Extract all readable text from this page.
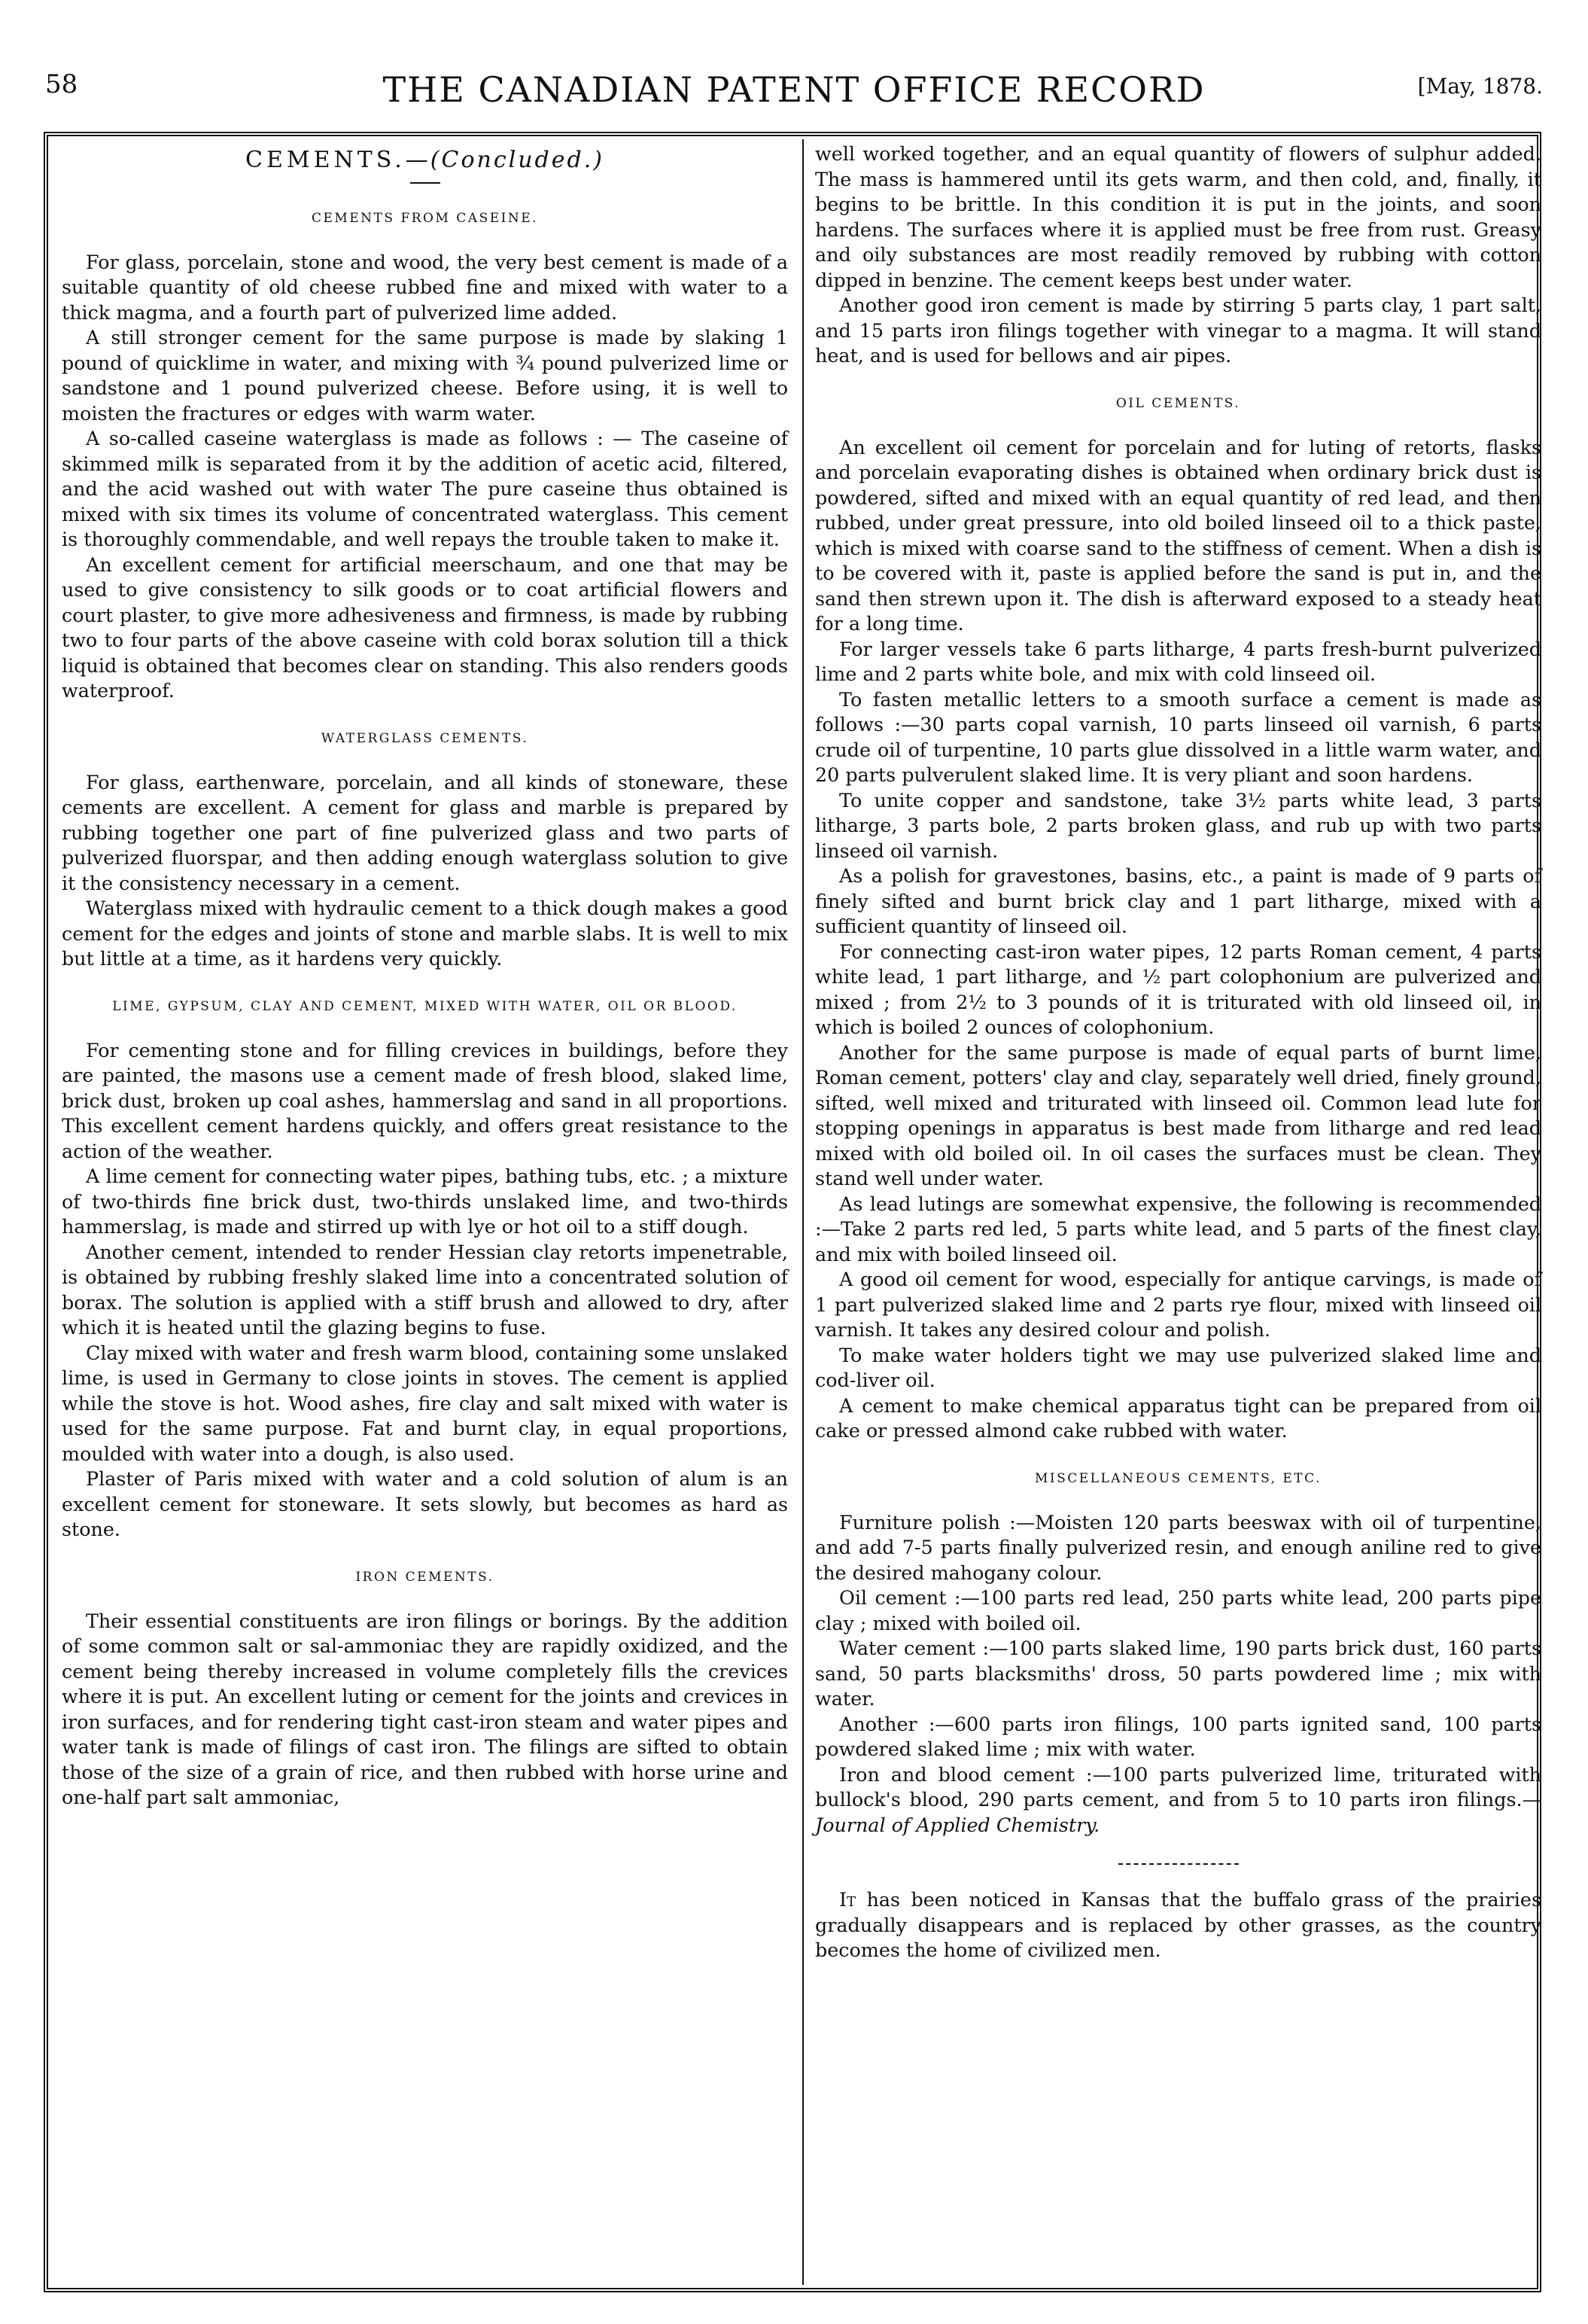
58	THE CANADIAN PATENT OFFICE RECORD	[May, 1878.
CEMENTS.—(Concluded.)
CEMENTS FROM CASEINE.

For glass, porcelain, stone and wood, the very best cement is made of a suitable quantity of old cheese rubbed fine and mixed with water to a thick magma, and a fourth part of pulverized lime added.

A still stronger cement for the same purpose is made by slaking 1 pound of quicklime in water, and mixing with ¾ pound pulverized lime or sandstone and 1 pound pulverized cheese. Before using, it is well to moisten the fractures or edges with warm water.

A so-called caseine waterglass is made as follows : — The caseine of skimmed milk is separated from it by the addition of acetic acid, filtered, and the acid washed out with water The pure caseine thus obtained is mixed with six times its volume of concentrated waterglass. This cement is thoroughly commendable, and well repays the trouble taken to make it.

An excellent cement for artificial meerschaum, and one that may be used to give consistency to silk goods or to coat artificial flowers and court plaster, to give more adhesiveness and firmness, is made by rubbing two to four parts of the above caseine with cold borax solution till a thick liquid is obtained that becomes clear on standing. This also renders goods waterproof.

WATERGLASS CEMENTS.

For glass, earthenware, porcelain, and all kinds of stoneware, these cements are excellent. A cement for glass and marble is prepared by rubbing together one part of fine pulverized glass and two parts of pulverized fluorspar, and then adding enough waterglass solution to give it the consistency necessary in a cement.

Waterglass mixed with hydraulic cement to a thick dough makes a good cement for the edges and joints of stone and marble slabs. It is well to mix but little at a time, as it hardens very quickly.

LIME, GYPSUM, CLAY AND CEMENT, MIXED WITH WATER, OIL OR BLOOD.

For cementing stone and for filling crevices in buildings, before they are painted, the masons use a cement made of fresh blood, slaked lime, brick dust, broken up coal ashes, hammerslag and sand in all proportions. This excellent cement hardens quickly, and offers great resistance to the action of the weather.

A lime cement for connecting water pipes, bathing tubs, etc. ; a mixture of two-thirds fine brick dust, two-thirds unslaked lime, and two-thirds hammerslag, is made and stirred up with lye or hot oil to a stiff dough.

Another cement, intended to render Hessian clay retorts impenetrable, is obtained by rubbing freshly slaked lime into a concentrated solution of borax. The solution is applied with a stiff brush and allowed to dry, after which it is heated until the glazing begins to fuse.

Clay mixed with water and fresh warm blood, containing some unslaked lime, is used in Germany to close joints in stoves. The cement is applied while the stove is hot. Wood ashes, fire clay and salt mixed with water is used for the same purpose. Fat and burnt clay, in equal proportions, moulded with water into a dough, is also used.

Plaster of Paris mixed with water and a cold solution of alum is an excellent cement for stoneware. It sets slowly, but becomes as hard as stone.

IRON CEMENTS.

Their essential constituents are iron filings or borings. By the addition of some common salt or sal-ammoniac they are rapidly oxidized, and the cement being thereby increased in volume completely fills the crevices where it is put. An excellent luting or cement for the joints and crevices in iron surfaces, and for rendering tight cast-iron steam and water pipes and water tank is made of filings of cast iron. The filings are sifted to obtain those of the size of a grain of rice, and then rubbed with horse urine and one-half part salt ammoniac,

well worked together, and an equal quantity of flowers of sulphur added. The mass is hammered until its gets warm, and then cold, and, finally, it begins to be brittle. In this condition it is put in the joints, and soon hardens. The surfaces where it is applied must be free from rust. Greasy and oily substances are most readily removed by rubbing with cotton dipped in benzine. The cement keeps best under water.

Another good iron cement is made by stirring 5 parts clay, 1 part salt, and 15 parts iron filings together with vinegar to a magma. It will stand heat, and is used for bellows and air pipes.

OIL CEMENTS.

An excellent oil cement for porcelain and for luting of retorts, flasks and porcelain evaporating dishes is obtained when ordinary brick dust is powdered, sifted and mixed with an equal quantity of red lead, and then rubbed, under great pressure, into old boiled linseed oil to a thick paste, which is mixed with coarse sand to the stiffness of cement. When a dish is to be covered with it, paste is applied before the sand is put in, and the sand then strewn upon it. The dish is afterward exposed to a steady heat for a long time.

For larger vessels take 6 parts litharge, 4 parts fresh-burnt pulverized lime and 2 parts white bole, and mix with cold linseed oil.

To fasten metallic letters to a smooth surface a cement is made as follows :—30 parts copal varnish, 10 parts linseed oil varnish, 6 parts crude oil of turpentine, 10 parts glue dissolved in a little warm water, and 20 parts pulverulent slaked lime. It is very pliant and soon hardens.

To unite copper and sandstone, take 3½ parts white lead, 3 parts litharge, 3 parts bole, 2 parts broken glass, and rub up with two parts linseed oil varnish.

As a polish for gravestones, basins, etc., a paint is made of 9 parts of finely sifted and burnt brick clay and 1 part litharge, mixed with a sufficient quantity of linseed oil.

For connecting cast-iron water pipes, 12 parts Roman cement, 4 parts white lead, 1 part litharge, and ½ part colophonium are pulverized and mixed ; from 2½ to 3 pounds of it is triturated with old linseed oil, in which is boiled 2 ounces of colophonium.

Another for the same purpose is made of equal parts of burnt lime, Roman cement, potters' clay and clay, separately well dried, finely ground, sifted, well mixed and triturated with linseed oil. Common lead lute for stopping openings in apparatus is best made from litharge and red lead mixed with old boiled oil. In oil cases the surfaces must be clean. They stand well under water.

As lead lutings are somewhat expensive, the following is recommended :—Take 2 parts red led, 5 parts white lead, and 5 parts of the finest clay, and mix with boiled linseed oil.

A good oil cement for wood, especially for antique carvings, is made of 1 part pulverized slaked lime and 2 parts rye flour, mixed with linseed oil varnish. It takes any desired colour and polish.

To make water holders tight we may use pulverized slaked lime and cod-liver oil.

A cement to make chemical apparatus tight can be prepared from oil cake or pressed almond cake rubbed with water.

MISCELLANEOUS CEMENTS, ETC.

Furniture polish :—Moisten 120 parts beeswax with oil of turpentine, and add 7-5 parts finally pulverized resin, and enough aniline red to give the desired mahogany colour.

Oil cement :—100 parts red lead, 250 parts white lead, 200 parts pipe clay ; mixed with boiled oil.

Water cement :—100 parts slaked lime, 190 parts brick dust, 160 parts sand, 50 parts blacksmiths' dross, 50 parts powdered lime ; mix with water.

Another :—600 parts iron filings, 100 parts ignited sand, 100 parts powdered slaked lime ; mix with water.

Iron and blood cement :—100 parts pulverized lime, triturated with bullock's blood, 290 parts cement, and from 5 to 10 parts iron filings.—Journal of Applied Chemistry.

It has been noticed in Kansas that the buffalo grass of the prairies gradually disappears and is replaced by other grasses, as the country becomes the home of civilized men.
